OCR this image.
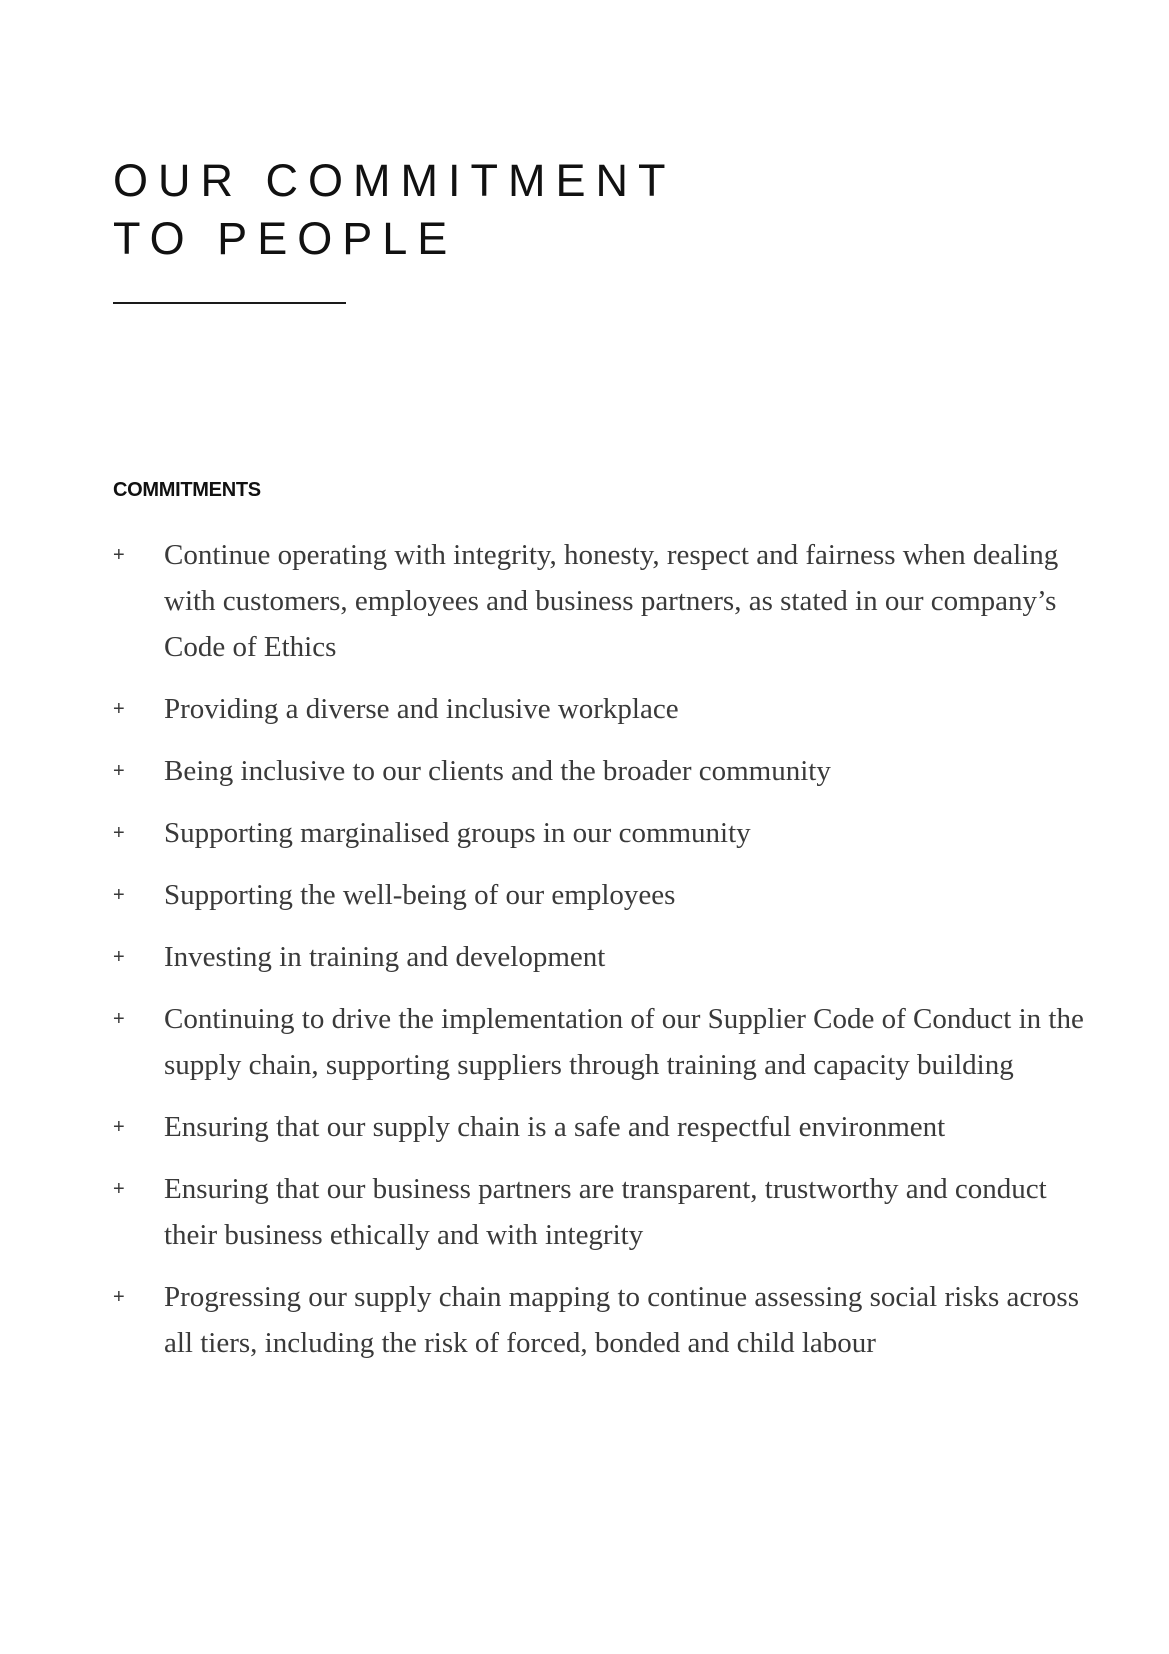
OUR COMMITMENT
TO PEOPLE
COMMITMENTS
+ Continue operating with integrity, honesty, respect and fairness when dealing with customers, employees and business partners, as stated in our company’s Code of Ethics
+ Providing a diverse and inclusive workplace
+ Being inclusive to our clients and the broader community
+ Supporting marginalised groups in our community
+ Supporting the well-being of our employees
+ Investing in training and development
+ Continuing to drive the implementation of our Supplier Code of Conduct in the supply chain, supporting suppliers through training and capacity building
+ Ensuring that our supply chain is a safe and respectful environment
+ Ensuring that our business partners are transparent, trustworthy and conduct their business ethically and with integrity
+ Progressing our supply chain mapping to continue assessing social risks across all tiers, including the risk of forced, bonded and child labour
